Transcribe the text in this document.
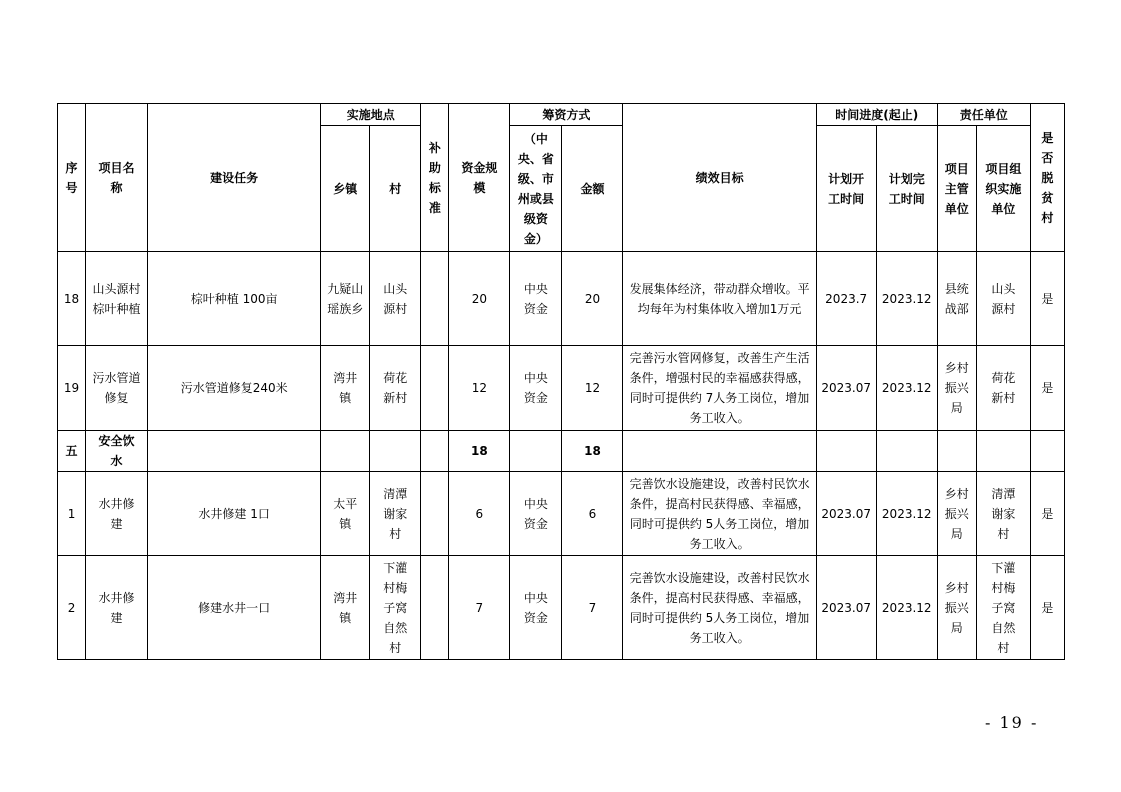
序号	项目名称	建设任务	实施地点		补助标准	资金规模	筹资方式		绩效目标	时间进度(起止)		责任单位		是否脱贫村
			乡镇	村			（中央、省级、市州或县级资金）	金额		计划开工时间	计划完工时间	项目主管单位	项目组织实施单位	
18	山头源村棕叶种植	棕叶种植 100亩	九疑山瑶族乡	山头源村		20	中央资金	20	发展集体经济，带动群众增收。平均每年为村集体收入增加1万元	2023.7	2023.12	县统战部	山头源村	是
19	污水管道修复	污水管道修复240米	湾井镇	荷花新村		12	中央资金	12	完善污水管网修复，改善生产生活条件，增强村民的幸福感获得感，同时可提供约 7人务工岗位，增加务工收入。	2023.07	2023.12	乡村振兴局	荷花新村	是
五	安全饮水					18		18						
1	水井修建	水井修建 1口	太平镇	清潭谢家村		6	中央资金	6	完善饮水设施建设，改善村民饮水条件，提高村民获得感、幸福感，同时可提供约 5人务工岗位，增加务工收入。	2023.07	2023.12	乡村振兴局	清潭谢家村	是
2	水井修建	修建水井一口	湾井镇	下灌村梅子窝自然村		7	中央资金	7	完善饮水设施建设，改善村民饮水条件，提高村民获得感、幸福感，同时可提供约 5人务工岗位，增加务工收入。	2023.07	2023.12	乡村振兴局	下灌村梅子窝自然村	是
- 19 -
